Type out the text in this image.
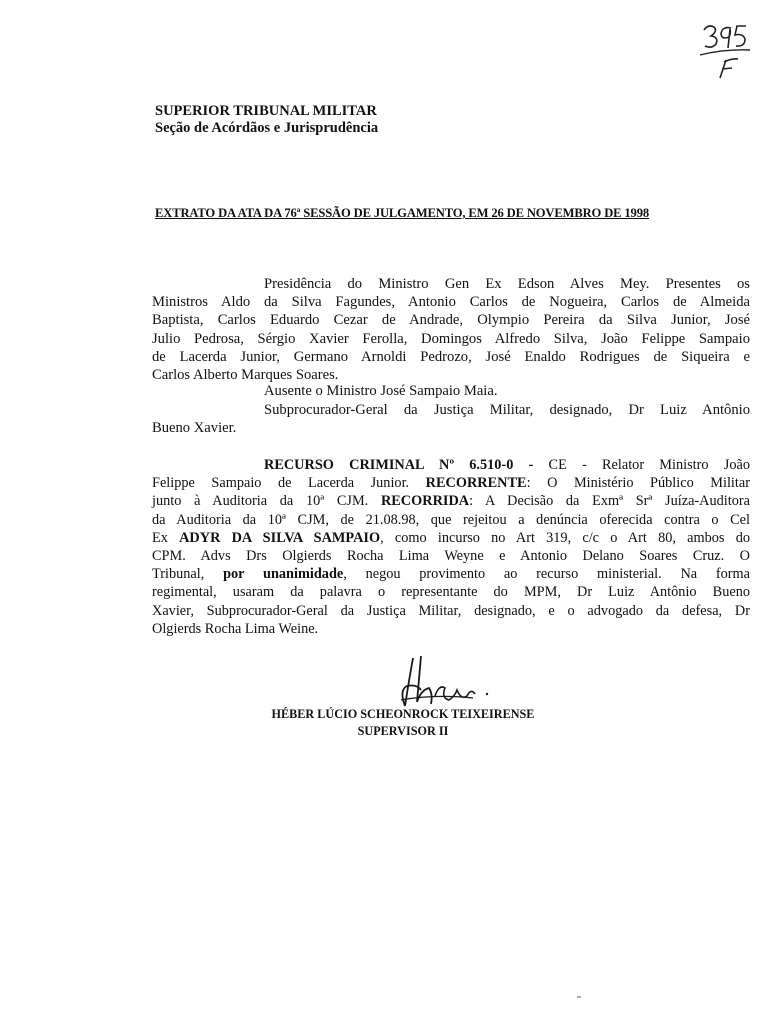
SUPERIOR TRIBUNAL MILITAR
Seção de Acórdãos e Jurisprudência
EXTRATO DA ATA DA 76ª SESSÃO DE JULGAMENTO, EM 26 DE NOVEMBRO DE 1998
Presidência do Ministro Gen Ex Edson Alves Mey. Presentes os
Ministros Aldo da Silva Fagundes, Antonio Carlos de Nogueira, Carlos de Almeida
Baptista, Carlos Eduardo Cezar de Andrade, Olympio Pereira da Silva Junior, José
Julio Pedrosa, Sérgio Xavier Ferolla, Domingos Alfredo Silva, João Felippe Sampaio
de Lacerda Junior, Germano Arnoldi Pedrozo, José Enaldo Rodrigues de Siqueira e
Carlos Alberto Marques Soares.
Ausente o Ministro José Sampaio Maia.
Subprocurador-Geral da Justiça Militar, designado, Dr Luiz Antônio
Bueno Xavier.
RECURSO CRIMINAL Nº 6.510-0 - CE - Relator Ministro João
Felippe Sampaio de Lacerda Junior. RECORRENTE: O Ministério Público Militar
junto à Auditoria da 10ª CJM. RECORRIDA: A Decisão da Exmª Srª Juíza-Auditora
da Auditoria da 10ª CJM, de 21.08.98, que rejeitou a denúncia oferecida contra o Cel
Ex ADYR DA SILVA SAMPAIO, como incurso no Art 319, c/c o Art 80, ambos do
CPM. Advs Drs Olgierds Rocha Lima Weyne e Antonio Delano Soares Cruz. O
Tribunal, por unanimidade, negou provimento ao recurso ministerial. Na forma
regimental, usaram da palavra o representante do MPM, Dr Luiz Antônio Bueno
Xavier, Subprocurador-Geral da Justiça Militar, designado, e o advogado da defesa, Dr
Olgierds Rocha Lima Weine.
HÉBER LÚCIO SCHEONROCK TEIXEIRENSE
SUPERVISOR II
